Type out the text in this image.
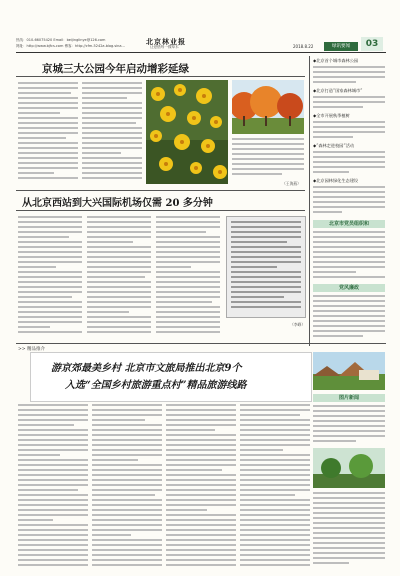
北京林业报
热线：010-66075420 Email：beijinglinye@126.com
网址：http://www.bjfcs.com 博客：http://cfm-5242a.blog.sina...	让爱惜每一棵草木	2018.8.22	绿讯要闻	03
京城三大公园今年启动增彩延绿
（王海燕）
从北京西站到大兴国际机场仅需 20 多分钟
（李峥）
◆北京首个城市森林公园
◆北京打造“国家森林城市”
◆全市开展秋季植树
◆“森林走进校园”活动
◆北京园林绿化生态建设
北京市党员组织和
党风廉政
>> 精品推介
游京郊最美乡村 北京市文旅局推出北京9个
入选“全国乡村旅游重点村”精品旅游线路
图片新闻
